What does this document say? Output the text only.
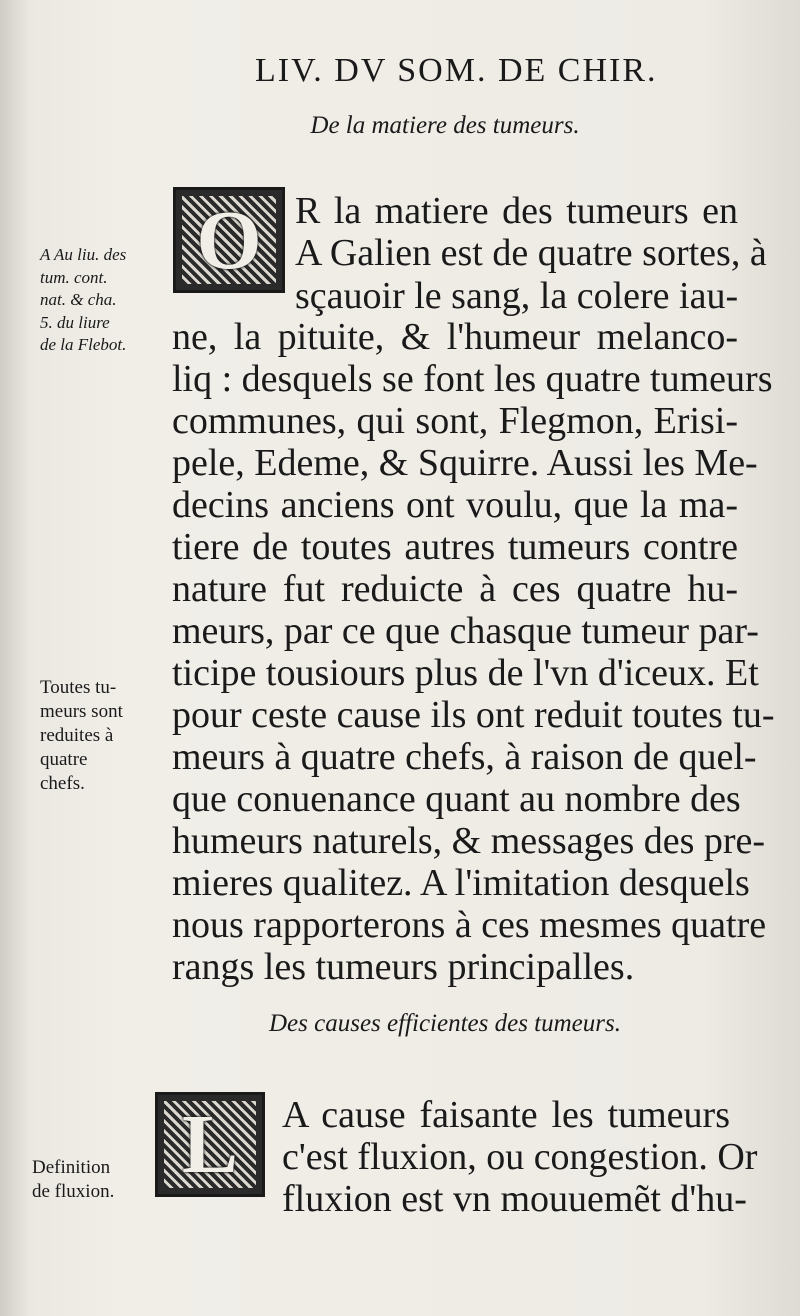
LIV. DV SOM. DE CHIR.
De la matiere des tumeurs.
O R la matiere des tumeurs en
A Galien est de quatre sortes, à
sçauoir le sang, la colere iau-
ne, la pituite, & l'humeur melanco-
liq : desquels se font les quatre tumeurs
communes, qui sont, Flegmon, Erisi-
pele, Edeme, & Squirre. Aussi les Me-
decins anciens ont voulu, que la ma-
tiere de toutes autres tumeurs contre
nature fut reduicte à ces quatre hu-
meurs, par ce que chasque tumeur par-
ticipe tousiours plus de l'vn d'iceux. Et
pour ceste cause ils ont reduit toutes tu-
meurs à quatre chefs, à raison de quel-
que conuenance quant au nombre des
humeurs naturels, & messages des pre-
mieres qualitez. A l'imitation desquels
nous rapporterons à ces mesmes quatre
rangs les tumeurs principalles.
Des causes efficientes des tumeurs.
L	A cause faisante les tumeurs
c'est fluxion, ou congestion. Or
fluxion est vn mouuemẽt d'hu-
A Au liu. des
tum. cont.
nat. & cha.
5. du liure
de la Flebot.
Toutes tu-
meurs sont
reduites à
quatre
chefs.
Definition
de fluxion.
